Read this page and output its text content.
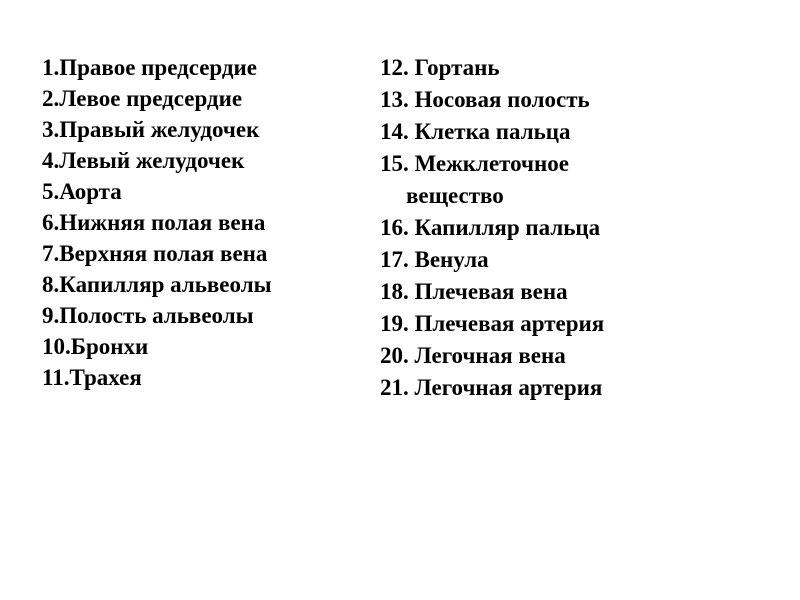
1.Правое предсердие
2.Левое предсердие
3.Правый желудочек
4.Левый желудочек
5.Аорта
6.Нижняя полая вена
7.Верхняя полая вена
8.Капилляр альвеолы
9.Полость альвеолы
10.Бронхи
11.Трахея
12. Гортань
13. Носовая полость
14. Клетка пальца
15. Межклеточное
вещество
16. Капилляр пальца
17. Венула
18. Плечевая вена
19. Плечевая артерия
20. Легочная вена
21. Легочная артерия
